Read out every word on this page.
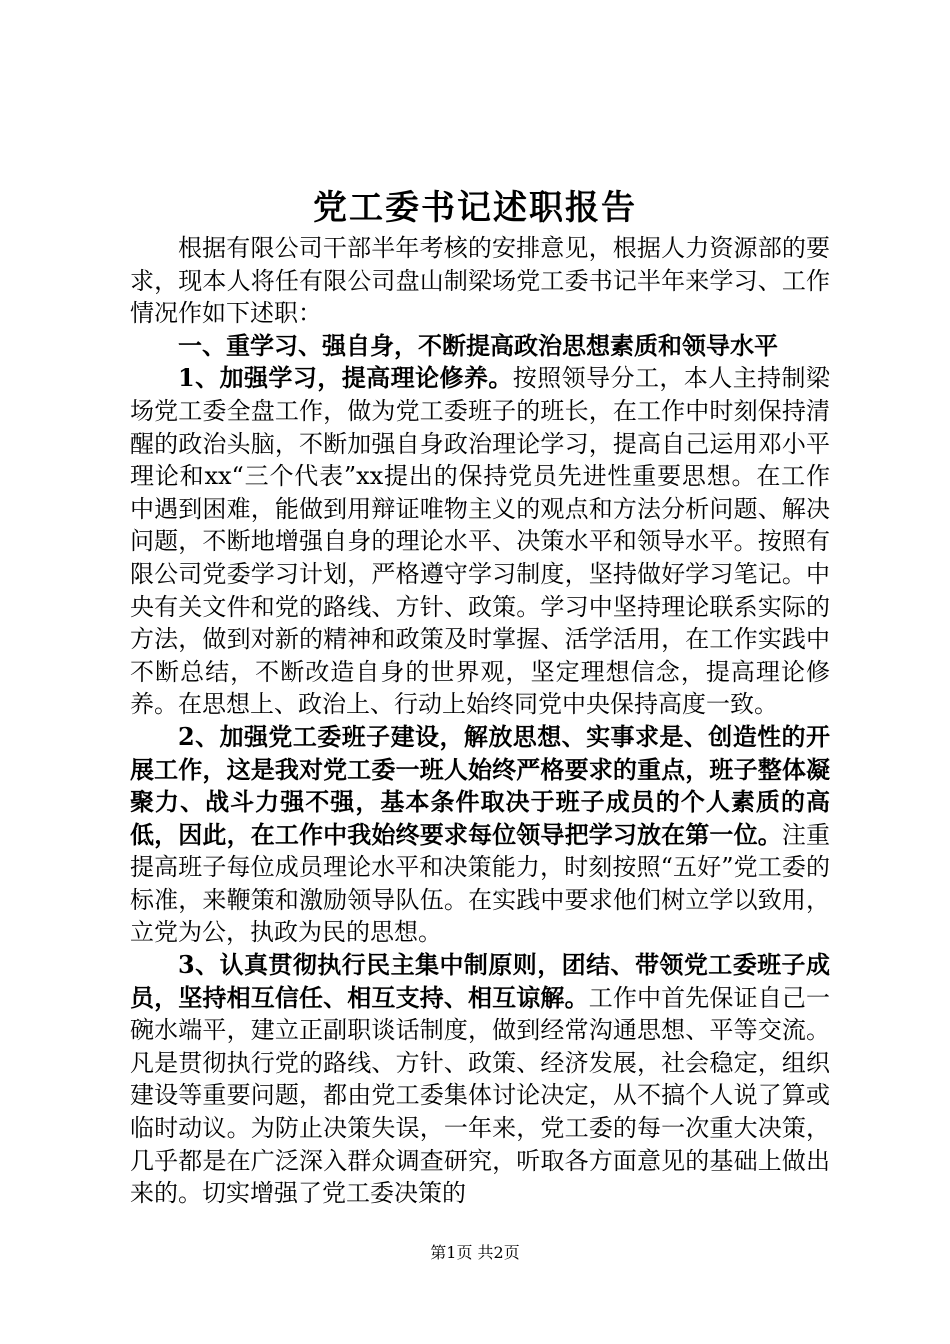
党工委书记述职报告

根据有限公司干部半年考核的安排意见，根据人力资源部的要求，现本人将任有限公司盘山制梁场党工委书记半年来学习、工作情况作如下述职：

一、重学习、强自身，不断提高政治思想素质和领导水平

1、加强学习，提高理论修养。按照领导分工，本人主持制梁场党工委全盘工作，做为党工委班子的班长，在工作中时刻保持清醒的政治头脑，不断加强自身政治理论学习，提高自己运用邓小平理论和xx“三个代表”xx提出的保持党员先进性重要思想。在工作中遇到困难，能做到用辩证唯物主义的观点和方法分析问题、解决问题，不断地增强自身的理论水平、决策水平和领导水平。按照有限公司党委学习计划，严格遵守学习制度，坚持做好学习笔记。中央有关文件和党的路线、方针、政策。学习中坚持理论联系实际的方法，做到对新的精神和政策及时掌握、活学活用，在工作实践中不断总结，不断改造自身的世界观，坚定理想信念，提高理论修养。在思想上、政治上、行动上始终同党中央保持高度一致。

2、加强党工委班子建设，解放思想、实事求是、创造性的开展工作，这是我对党工委一班人始终严格要求的重点，班子整体凝聚力、战斗力强不强，基本条件取决于班子成员的个人素质的高低，因此，在工作中我始终要求每位领导把学习放在第一位。注重提高班子每位成员理论水平和决策能力，时刻按照“五好”党工委的标准，来鞭策和激励领导队伍。在实践中要求他们树立学以致用，立党为公，执政为民的思想。

3、认真贯彻执行民主集中制原则，团结、带领党工委班子成员，坚持相互信任、相互支持、相互谅解。工作中首先保证自己一碗水端平，建立正副职谈话制度，做到经常沟通思想、平等交流。凡是贯彻执行党的路线、方针、政策、经济发展，社会稳定，组织建设等重要问题，都由党工委集体讨论决定，从不搞个人说了算或临时动议。为防止决策失误，一年来，党工委的每一次重大决策，几乎都是在广泛深入群众调查研究，听取各方面意见的基础上做出来的。切实增强了党工委决策的

第1页 共2页
